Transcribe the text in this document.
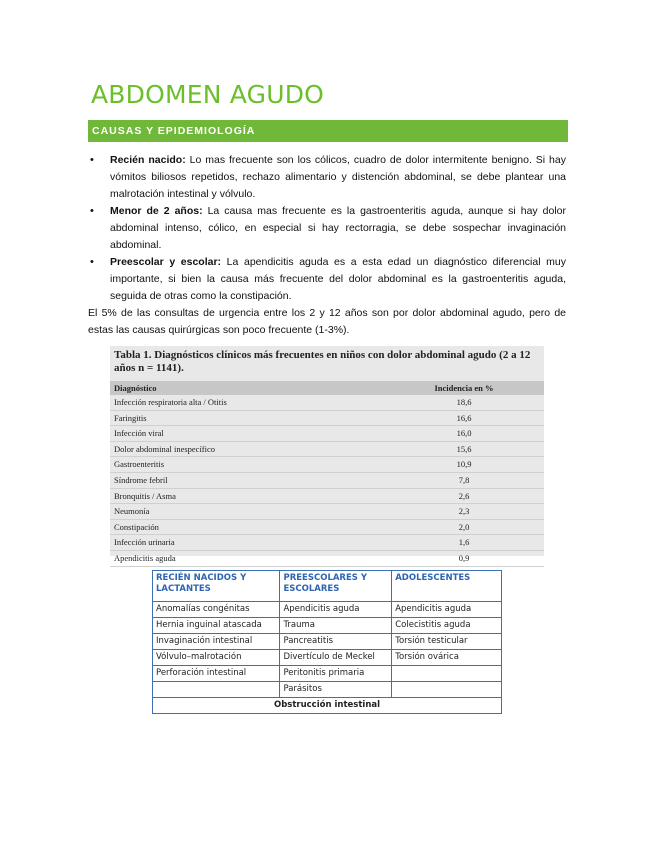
ABDOMEN AGUDO
CAUSAS Y EPIDEMIOLOGÍA
• Recién nacido: Lo mas frecuente son los cólicos, cuadro de dolor intermitente benigno. Si hay vómitos biliosos repetidos, rechazo alimentario y distención abdominal, se debe plantear una malrotación intestinal y vólvulo.
• Menor de 2 años: La causa mas frecuente es la gastroenteritis aguda, aunque si hay dolor abdominal intenso, cólico, en especial si hay rectorragia, se debe sospechar invaginación abdominal.
• Preescolar y escolar: La apendicitis aguda es a esta edad un diagnóstico diferencial muy importante, si bien la causa más frecuente del dolor abdominal es la gastroenteritis aguda, seguida de otras como la constipación.

El 5% de las consultas de urgencia entre los 2 y 12 años son por dolor abdominal agudo, pero de estas las causas quirúrgicas son poco frecuente (1-3%).

Tabla 1. Diagnósticos clínicos más frecuentes en niños con dolor abdominal agudo (2 a 12 años n = 1141).

Diagnóstico	Incidencia en %
Infección respiratoria alta / Otitis	18,6
Faringitis	16,6
Infección viral	16,0
Dolor abdominal inespecífico	15,6
Gastroenteritis	10,9
Síndrome febril	7,8
Bronquitis / Asma	2,6
Neumonía	2,3
Constipación	2,0
Infección urinaria	1,6
Apendicitis aguda	0,9
RECIÉN NACIDOS Y LACTANTES	PREESCOLARES Y ESCOLARES	ADOLESCENTES
Anomalías congénitas	Apendicitis aguda	Apendicitis aguda
Hernia inguinal atascada	Trauma	Colecistitis aguda
Invaginación intestinal	Pancreatitis	Torsión testicular
Vólvulo–malrotación	Divertículo de Meckel	Torsión ovárica
Perforación intestinal	Peritonitis primaria	
	Parásitos	
Obstrucción intestinal		
